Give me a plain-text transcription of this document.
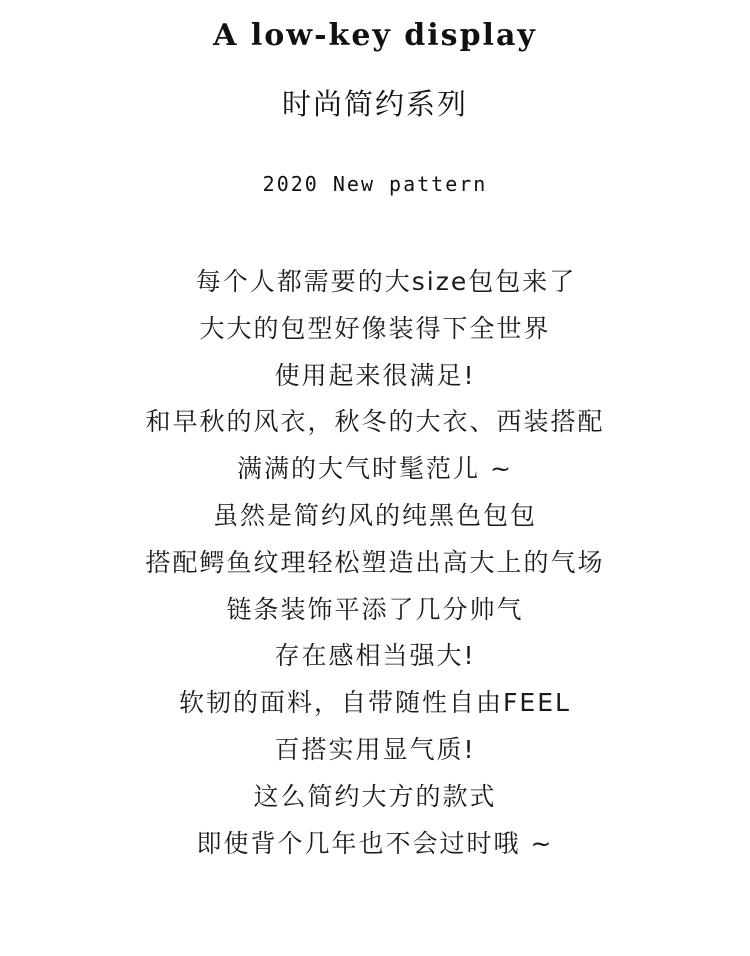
A low-key display
时尚简约系列
2020 New pattern
每个人都需要的大size包包来了
大大的包型好像装得下全世界
使用起来很满足!
和早秋的风衣，秋冬的大衣、西装搭配
满满的大气时髦范儿 ~
虽然是简约风的纯黑色包包
搭配鳄鱼纹理轻松塑造出高大上的气场
链条装饰平添了几分帅气
存在感相当强大!
软韧的面料，自带随性自由FEEL
百搭实用显气质!
这么简约大方的款式
即使背个几年也不会过时哦 ~
